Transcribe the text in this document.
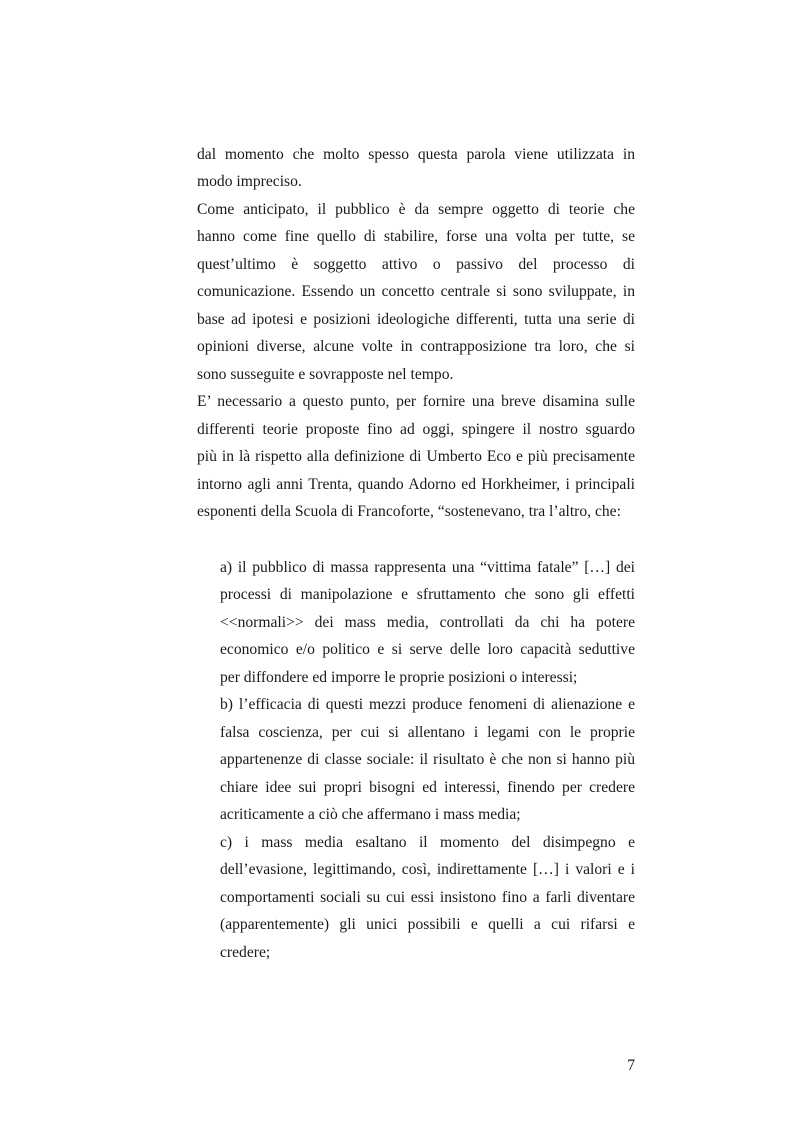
dal momento che molto spesso questa parola viene utilizzata in
modo impreciso.
Come anticipato, il pubblico è da sempre oggetto di teorie che
hanno come fine quello di stabilire, forse una volta per tutte, se
quest’ultimo è soggetto attivo o passivo del processo di
comunicazione. Essendo un concetto centrale si sono sviluppate, in
base ad ipotesi e posizioni ideologiche differenti, tutta una serie di
opinioni diverse, alcune volte in contrapposizione tra loro, che si
sono susseguite e sovrapposte nel tempo.
E’ necessario a questo punto, per fornire una breve disamina sulle
differenti teorie proposte fino ad oggi, spingere il nostro sguardo
più in là rispetto alla definizione di Umberto Eco e più precisamente
intorno agli anni Trenta, quando Adorno ed Horkheimer, i principali
esponenti della Scuola di Francoforte, “sostenevano, tra l’altro, che:
a) il pubblico di massa rappresenta una “vittima fatale” […] dei
processi di manipolazione e sfruttamento che sono gli effetti
<<normali>> dei mass media, controllati da chi ha potere
economico e/o politico e si serve delle loro capacità seduttive
per diffondere ed imporre le proprie posizioni o interessi;
b) l’efficacia di questi mezzi produce fenomeni di alienazione e
falsa coscienza, per cui si allentano i legami con le proprie
appartenenze di classe sociale: il risultato è che non si hanno più
chiare idee sui propri bisogni ed interessi, finendo per credere
acriticamente a ciò che affermano i mass media;
c) i mass media esaltano il momento del disimpegno e
dell’evasione, legittimando, così, indirettamente […] i valori e i
comportamenti sociali su cui essi insistono fino a farli diventare
(apparentemente) gli unici possibili e quelli a cui rifarsi e
credere;
7
